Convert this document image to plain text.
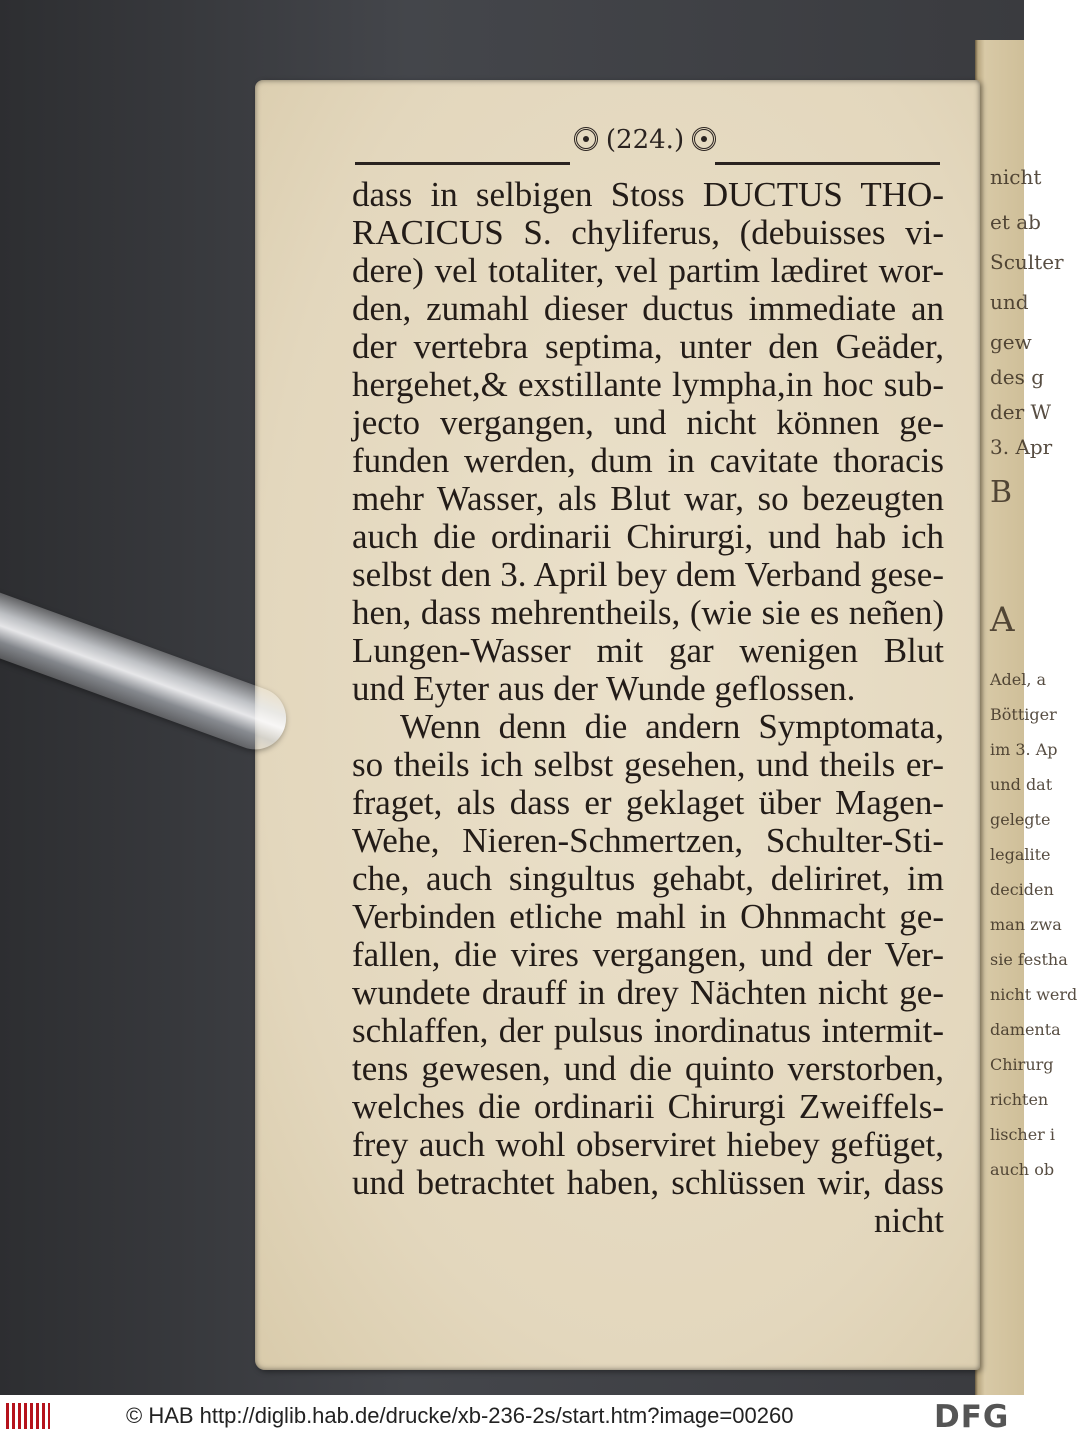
nicht
et ab
Sculter
und
gew
des g
der W
3. Apr
B
A
Adel, a
Böttiger
im 3. Ap
und dat
gelegte
legalite
deciden
man zwa
sie festha
nicht werd
damenta
Chirurg
richten
lischer i
auch ob
(224.)
dass in selbigen Stoss DUCTUS THO-
RACICUS S. chyliferus, (debuisses vi-
dere) vel totaliter, vel partim lædiret wor-
den, zumahl dieser ductus immediate an
der vertebra septima, unter den Geäder,
hergehet,& exstillante lympha,in hoc sub-
jecto vergangen, und nicht können ge-
funden werden, dum in cavitate thoracis
mehr Wasser, als Blut war, so bezeugten
auch die ordinarii Chirurgi, und hab ich
selbst den 3. April bey dem Verband gese-
hen, dass mehrentheils, (wie sie es neñen)
Lungen-Wasser mit gar wenigen Blut
und Eyter aus der Wunde geflossen.
Wenn denn die andern Symptomata,
so theils ich selbst gesehen, und theils er-
fraget, als dass er geklaget über Magen-
Wehe, Nieren-Schmertzen, Schulter-Sti-
che, auch singultus gehabt, deliriret, im
Verbinden etliche mahl in Ohnmacht ge-
fallen, die vires vergangen, und der Ver-
wundete drauff in drey Nächten nicht ge-
schlaffen, der pulsus inordinatus intermit-
tens gewesen, und die quinto verstorben,
welches die ordinarii Chirurgi Zweiffels-
frey auch wohl observiret hiebey gefüget,
und betrachtet haben, schlüssen wir, dass
nicht
© HAB http://diglib.hab.de/drucke/xb-236-2s/start.htm?image=00260	DFG
